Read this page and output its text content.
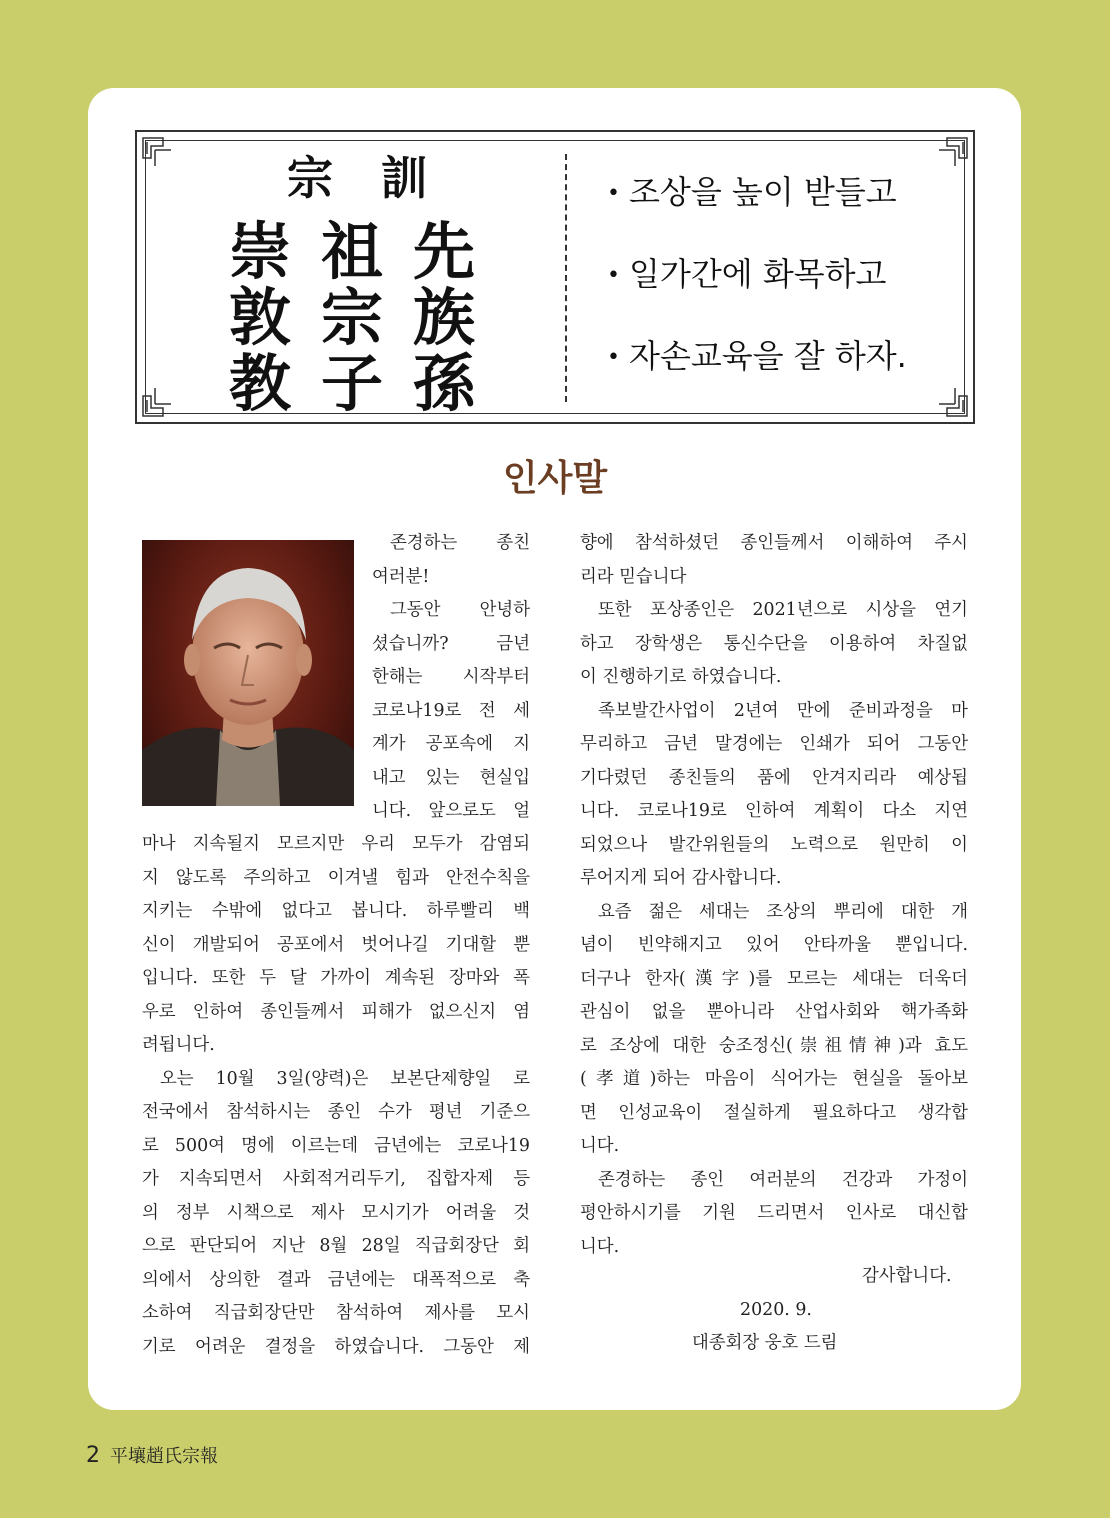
宗訓
崇祖先
敦宗族
教子孫
• 조상을 높이 받들고
• 일가간에 화목하고
• 자손교육을 잘 하자.
인사말
존경하는 종친
여러분!
그동안 안녕하
셨습니까? 금년
한해는 시작부터
코로나19로 전 세
계가 공포속에 지
내고 있는 현실입
니다. 앞으로도 얼
마나 지속될지 모르지만 우리 모두가 감염되
지 않도록 주의하고 이겨낼 힘과 안전수칙을
지키는 수밖에 없다고 봅니다. 하루빨리 백
신이 개발되어 공포에서 벗어나길 기대할 뿐
입니다. 또한 두 달 가까이 계속된 장마와 폭
우로 인하여 종인들께서 피해가 없으신지 염
려됩니다.
오는 10월 3일(양력)은 보본단제향일 로
전국에서 참석하시는 종인 수가 평년 기준으
로 500여 명에 이르는데 금년에는 코로나19
가 지속되면서 사회적거리두기, 집합자제 등
의 정부 시책으로 제사 모시기가 어려울 것
으로 판단되어 지난 8월 28일 직급회장단 회
의에서 상의한 결과 금년에는 대폭적으로 축
소하여 직급회장단만 참석하여 제사를 모시
기로 어려운 결정을 하였습니다. 그동안 제
향에 참석하셨던 종인들께서 이해하여 주시
리라 믿습니다
또한 포상종인은 2021년으로 시상을 연기
하고 장학생은 통신수단을 이용하여 차질없
이 진행하기로 하였습니다.
족보발간사업이 2년여 만에 준비과정을 마
무리하고 금년 말경에는 인쇄가 되어 그동안
기다렸던 종친들의 품에 안겨지리라 예상됩
니다. 코로나19로 인하여 계획이 다소 지연
되었으나 발간위원들의 노력으로 원만히 이
루어지게 되어 감사합니다.
요즘 젊은 세대는 조상의 뿌리에 대한 개
념이 빈약해지고 있어 안타까울 뿐입니다.
더구나 한자(漢字)를 모르는 세대는 더욱더
관심이 없을 뿐아니라 산업사회와 핵가족화
로 조상에 대한 숭조정신(崇祖情神)과 효도
(孝道)하는 마음이 식어가는 현실을 돌아보
면 인성교육이 절실하게 필요하다고 생각합
니다.
존경하는 종인 여러분의 건강과 가정이
평안하시기를 기원 드리면서 인사로 대신합
니다.
감사합니다.
2020. 9.
대종회장 웅호 드림
2 平壤趙氏宗報
